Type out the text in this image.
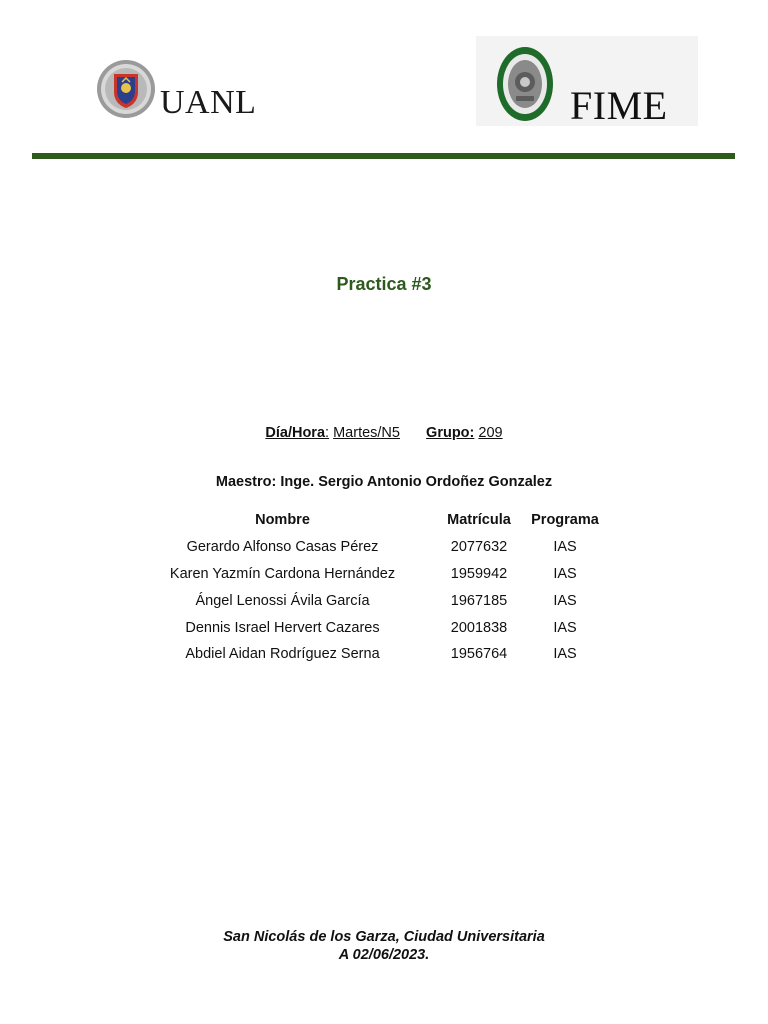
UANL	FIME
Practica #3
Día/Hora: Martes/N5 Grupo: 209
Maestro: Inge. Sergio Antonio Ordoñez Gonzalez
Nombre	Matrícula	Programa
Gerardo Alfonso Casas Pérez	2077632	IAS
Karen Yazmín Cardona Hernández	1959942	IAS
Ángel Lenossi Ávila García	1967185	IAS
Dennis Israel Hervert Cazares	2001838	IAS
Abdiel Aidan Rodríguez Serna	1956764	IAS
San Nicolás de los Garza, Ciudad Universitaria
A 02/06/2023.
